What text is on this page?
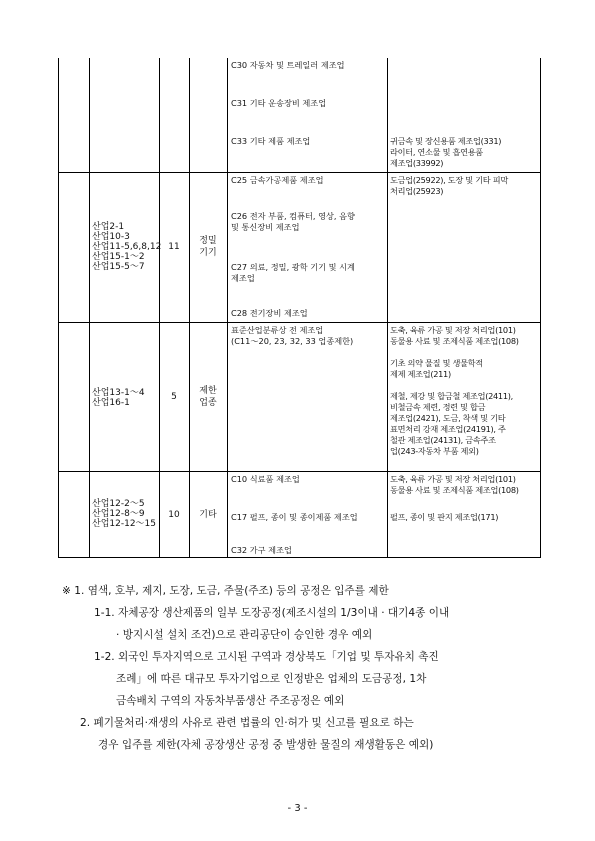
C30 자동차 및 트레일러 제조업
C31 기타 운송장비 제조업
C33 기타 제품 제조업	귀금속 및 장신용품 제조업(331)
라이터, 연소물 및 흡연용품
제조업(33992)
산업2-1
산업10-3
산업11-5,6,8,12
산업15-1～2
산업15-5～7
11
정밀
기기
C25 금속가공제품 제조업
C26 전자 부품, 컴퓨터, 영상, 음향
및 통신장비 제조업
C27 의료, 정밀, 광학 기기 및 시계
제조업
C28 전기장비 제조업
도금업(25922), 도장 및 기타 피막
처리업(25923)
산업13-1～4
산업16-1
5
제한
업종
표준산업분류상 전 제조업
(C11～20, 23, 32, 33 업종제한)
도축, 육류 가공 및 저장 처리업(101)
동물용 사료 및 조제식품 제조업(108)

기초 의약 물질 및 생물학적
제제 제조업(211)

제철, 제강 및 합금철 제조업(2411),
비철금속 제련, 정련 및 합금
제조업(2421), 도금, 착색 및 기타
표면처리 강재 제조업(24191), 주
철관 제조업(24131), 금속주조
업(243-자동차 부품 제외)
산업12-2～5
산업12-8～9
산업12-12～15
10	기타
C10 식료품 제조업
C17 펄프, 종이 및 종이제품 제조업
C32 가구 제조업
도축, 육류 가공 및 저장 처리업(101)
동물용 사료 및 조제식품 제조업(108)
펄프, 종이 및 판지 제조업(171)
※ 1. 염색, 호부, 제지, 도장, 도금, 주물(주조) 등의 공정은 입주를 제한
1-1. 자체공장 생산제품의 일부 도장공정(제조시설의 1/3이내 · 대기4종 이내
· 방지시설 설치 조건)으로 관리공단이 승인한 경우 예외
1-2. 외국인 투자지역으로 고시된 구역과 경상북도「기업 및 투자유치 촉진
조례」에 따른 대규모 투자기업으로 인정받은 업체의 도금공정, 1차
금속배치 구역의 자동차부품생산 주조공정은 예외
2. 폐기물처리·재생의 사유로 관련 법률의 인·허가 및 신고를 필요로 하는
경우 입주를 제한(자체 공장생산 공정 중 발생한 물질의 재생활동은 예외)
- 3 -
